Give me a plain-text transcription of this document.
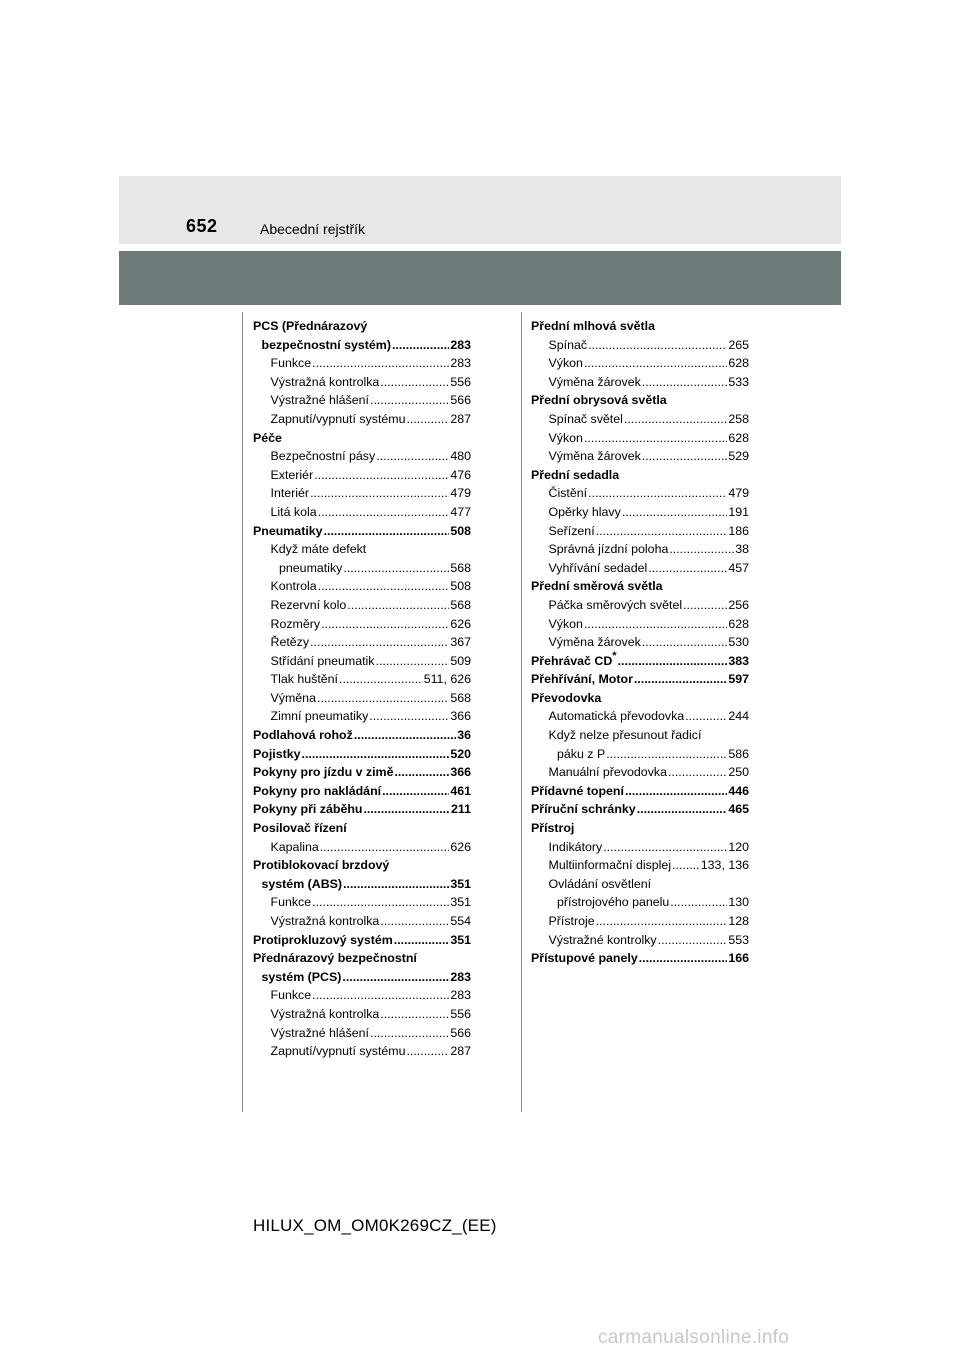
652	Abecední rejstřík
PCS (Přednárazový
bezpečnostní systém) .....	283
Funkce .....	283
Výstražná kontrolka .....	556
Výstražné hlášení .....	566
Zapnutí/vypnutí systému .....	287
Péče
Bezpečnostní pásy .....	480
Exteriér .....	476
Interiér .....	479
Litá kola .....	477
Pneumatiky .....	508
Když máte defekt
pneumatiky .....	568
Kontrola .....	508
Rezervní kolo .....	568
Rozměry .....	626
Řetězy .....	367
Střídání pneumatik .....	509
Tlak huštění .....	511, 626
Výměna .....	568
Zimní pneumatiky .....	366
Podlahová rohož .....	36
Pojistky .....	520
Pokyny pro jízdu v zimě .....	366
Pokyny pro nakládání .....	461
Pokyny při záběhu .....	211
Posilovač řízení
Kapalina .....	626
Protiblokovací brzdový
systém (ABS) .....	351
Funkce .....	351
Výstražná kontrolka .....	554
Protiprokluzový systém .....	351
Přednárazový bezpečnostní
systém (PCS) .....	283
Funkce .....	283
Výstražná kontrolka .....	556
Výstražné hlášení .....	566
Zapnutí/vypnutí systému .....	287
Přední mlhová světla
Spínač .....	265
Výkon .....	628
Výměna žárovek .....	533
Přední obrysová světla
Spínač světel .....	258
Výkon .....	628
Výměna žárovek .....	529
Přední sedadla
Čistění .....	479
Opěrky hlavy .....	191
Seřízení .....	186
Správná jízdní poloha .....	38
Vyhřívání sedadel .....	457
Přední směrová světla
Páčka směrových světel .....	256
Výkon .....	628
Výměna žárovek .....	530
Přehrávač CD* .....	383
Přehřívání, Motor .....	597
Převodovka
Automatická převodovka .....	244
Když nelze přesunout řadicí
páku z P .....	586
Manuální převodovka .....	250
Přídavné topení .....	446
Příruční schránky .....	465
Přístroj
Indikátory .....	120
Multiinformační displej ..... 133, 136
Ovládání osvětlení
přístrojového panelu .....	130
Přístroje .....	128
Výstražné kontrolky .....	553
Přístupové panely .....	166
HILUX_OM_OM0K269CZ_(EE)
carmanualsonline.info
